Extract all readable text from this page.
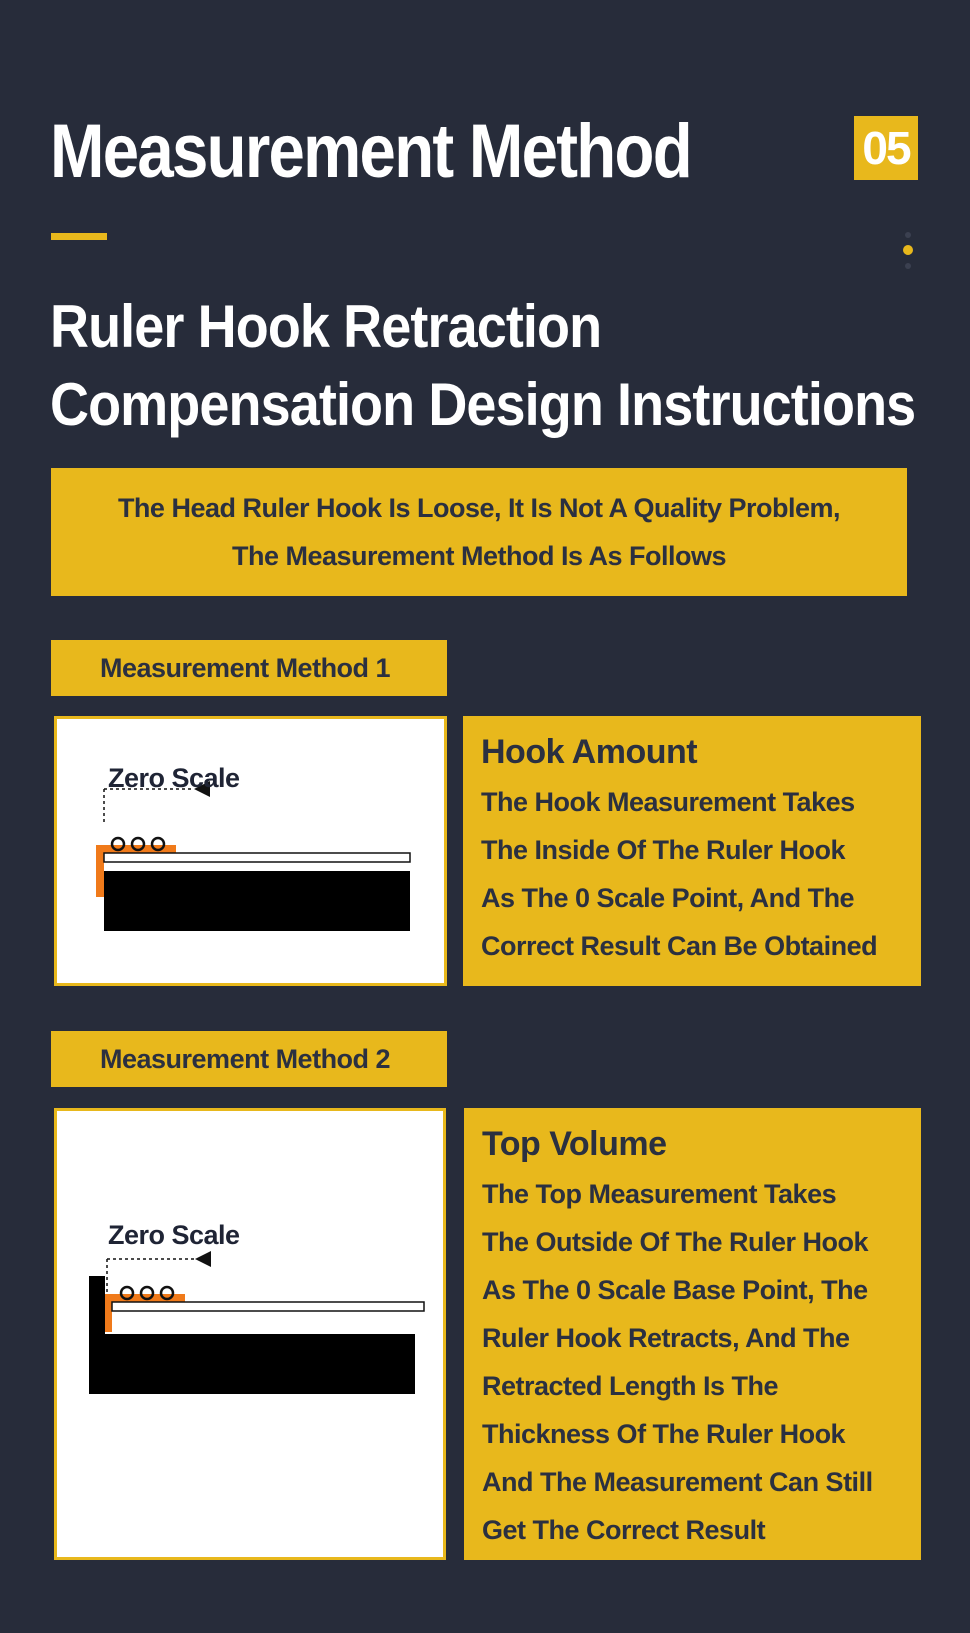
Measurement Method	05
Ruler Hook Retraction
Compensation Design Instructions
The Head Ruler Hook Is Loose, It Is Not A Quality Problem,
The Measurement Method Is As Follows
Measurement Method 1
Zero Scale
Hook Amount
The Hook Measurement Takes
The Inside Of The Ruler Hook
As The 0 Scale Point, And The
Correct Result Can Be Obtained
Measurement Method 2
Zero Scale
Top Volume
The Top Measurement Takes
The Outside Of The Ruler Hook
As The 0 Scale Base Point, The
Ruler Hook Retracts, And The
Retracted Length Is The
Thickness Of The Ruler Hook
And The Measurement Can Still
Get The Correct Result
